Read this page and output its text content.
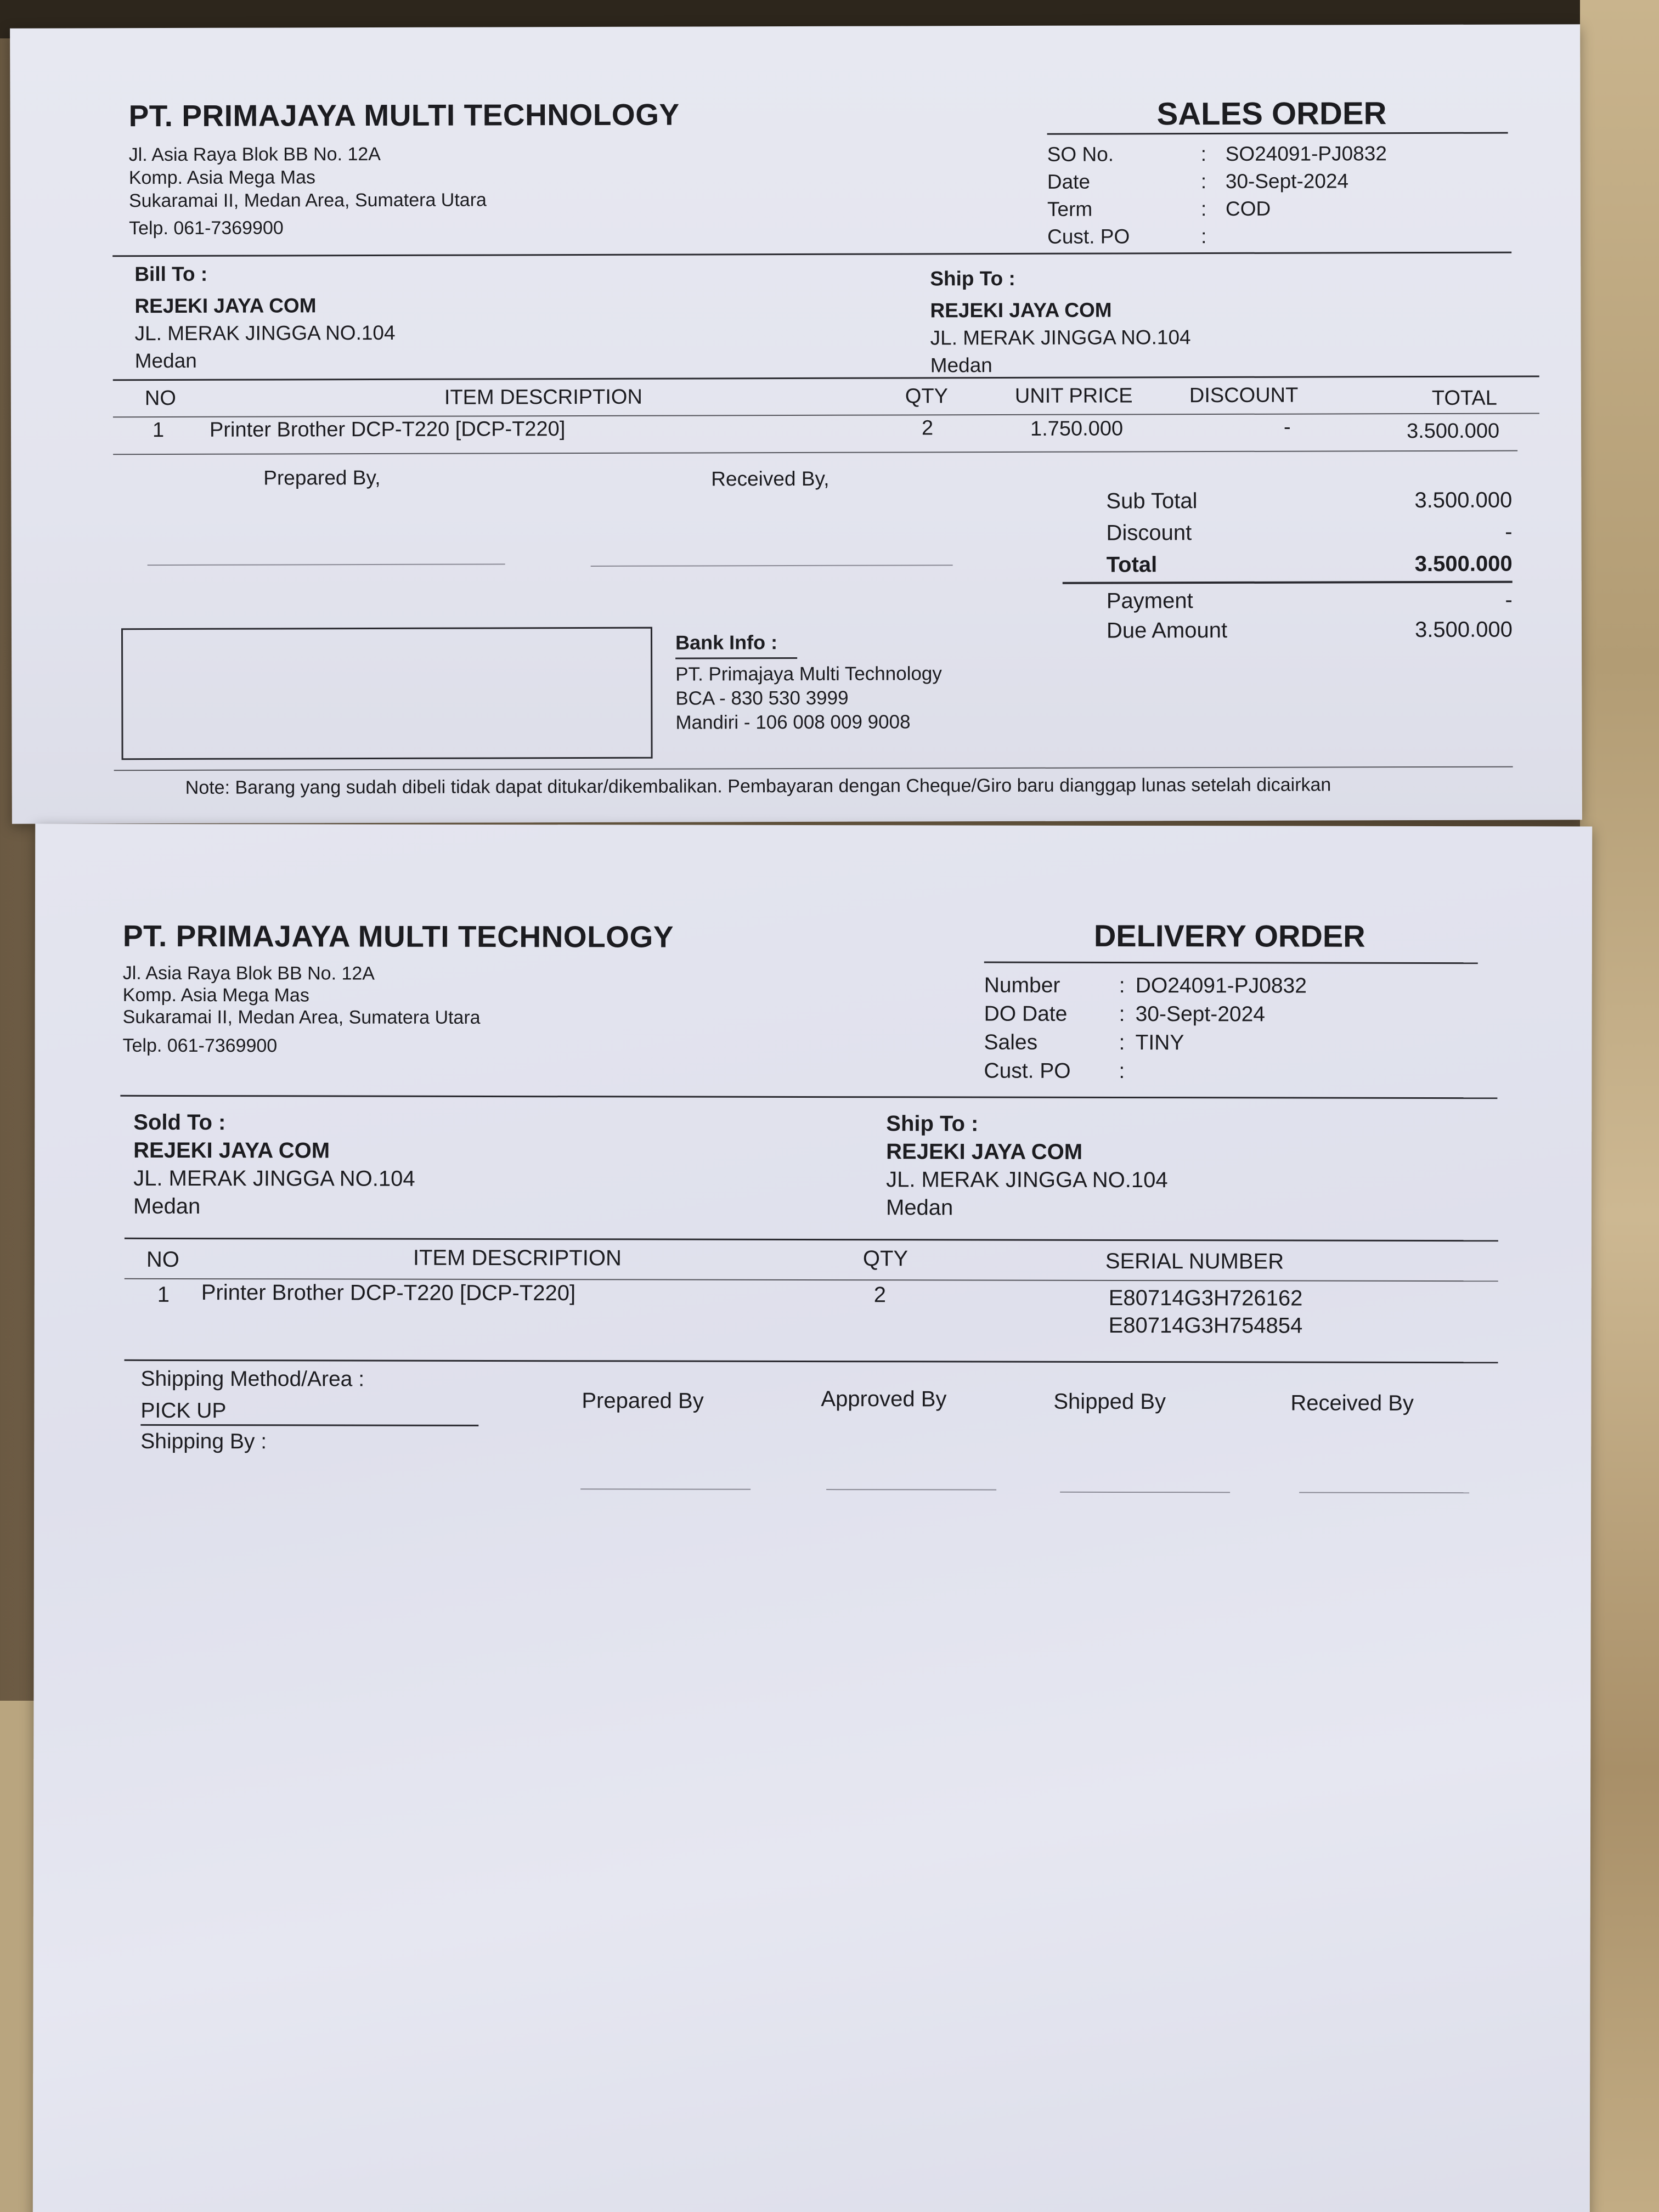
PT. PRIMAJAYA MULTI TECHNOLOGY
Jl. Asia Raya Blok BB No. 12A
Komp. Asia Mega Mas
Sukaramai II, Medan Area, Sumatera Utara
Telp. 061-7369900
SALES ORDER
SO No.	: SO24091-PJ0832
Date	: 30-Sept-2024
Term	: COD
Cust. PO	:
Bill To :
REJEKI JAYA COM
JL. MERAK JINGGA NO.104
Medan
Ship To :
REJEKI JAYA COM
JL. MERAK JINGGA NO.104
Medan
NO	ITEM DESCRIPTION	QTY	UNIT PRICE	DISCOUNT	TOTAL
1 Printer Brother DCP-T220 [DCP-T220]	2	1.750.000	-	3.500.000
Prepared By,	Received By,
Sub Total	3.500.000
Discount	-
Total	3.500.000
Payment	-
Due Amount	3.500.000
Bank Info :
PT. Primajaya Multi Technology
BCA - 830 530 3999
Mandiri - 106 008 009 9008
Note: Barang yang sudah dibeli tidak dapat ditukar/dikembalikan. Pembayaran dengan Cheque/Giro baru dianggap lunas setelah dicairkan
PT. PRIMAJAYA MULTI TECHNOLOGY
Jl. Asia Raya Blok BB No. 12A
Komp. Asia Mega Mas
Sukaramai II, Medan Area, Sumatera Utara
Telp. 061-7369900
DELIVERY ORDER
Number	: DO24091-PJ0832
DO Date	: 30-Sept-2024
Sales	: TINY
Cust. PO	:
Sold To :
REJEKI JAYA COM
JL. MERAK JINGGA NO.104
Medan
Ship To :
REJEKI JAYA COM
JL. MERAK JINGGA NO.104
Medan
NO	ITEM DESCRIPTION	QTY	SERIAL NUMBER
1 Printer Brother DCP-T220 [DCP-T220]	2	E80714G3H726162
E80714G3H754854
Shipping Method/Area :
PICK UP
Shipping By :
Prepared By	Approved By	Shipped By	Received By
